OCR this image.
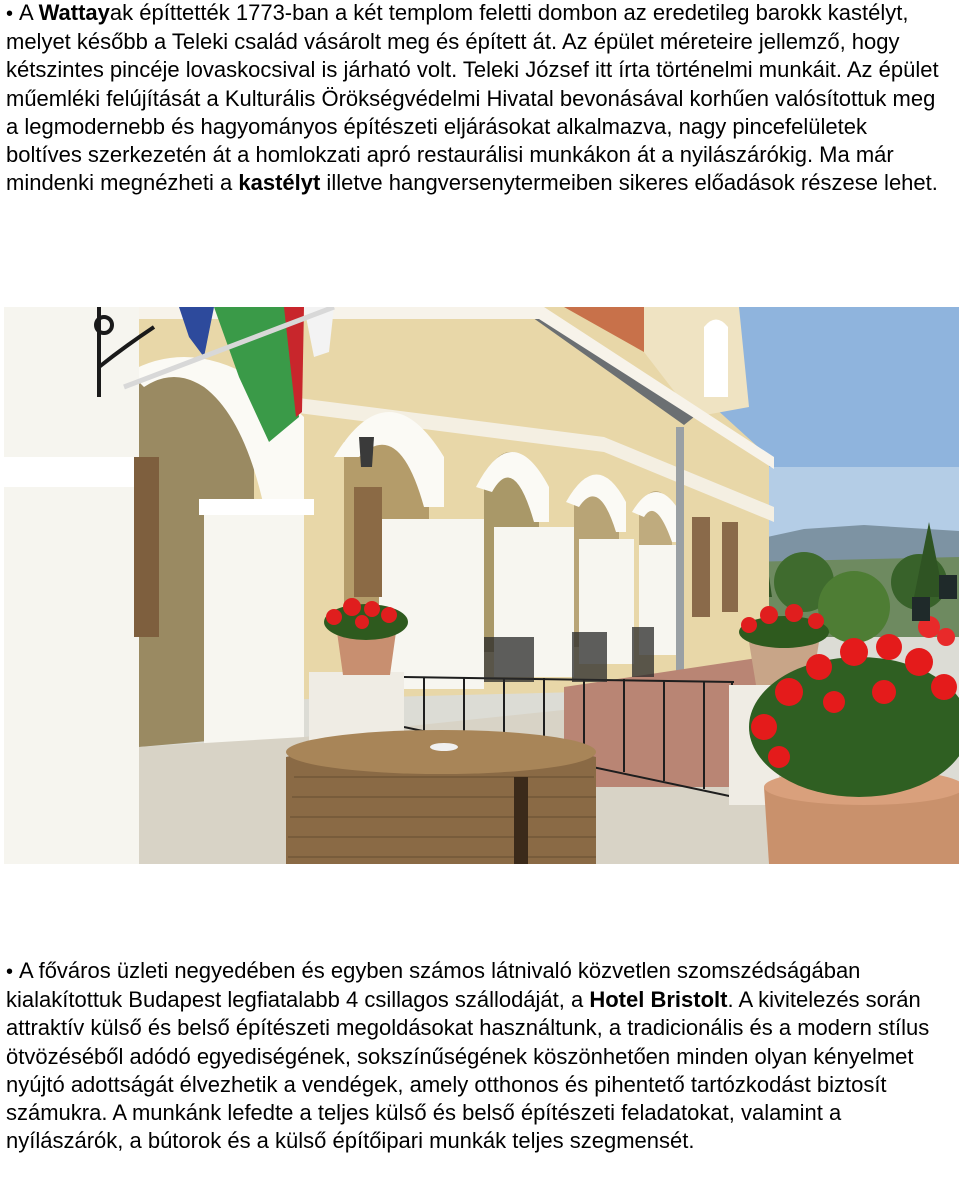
• A Wattayak építtették 1773-ban a két templom feletti dombon az eredetileg barokk kastélyt, melyet később a Teleki család vásárolt meg és épített át. Az épület méreteire jellemző, hogy kétszintes pincéje lovaskocsival is járható volt. Teleki József itt írta történelmi munkáit. Az épület műemléki felújítását a Kulturális Örökségvédelmi Hivatal bevonásával korhűen valósítottuk meg a legmodernebb és hagyományos építészeti eljárásokat alkalmazva, nagy pincefelületek boltíves szerkezetén át a homlokzati apró restaurálisi munkákon át a nyilászárókig. Ma már mindenki megnézheti a kastélyt illetve hangversenytermeiben sikeres előadások részese lehet.

• A főváros üzleti negyedében és egyben számos látnivaló közvetlen szomszédságában kialakítottuk Budapest legfiatalabb 4 csillagos szállodáját, a Hotel Bristolt. A kivitelezés során attraktív külső és belső építészeti megoldásokat használtunk, a tradicionális és a modern stílus ötvözéséből adódó egyediségének, sokszínűségének köszönhetően minden olyan kényelmet nyújtó adottságát élvezhetik a vendégek, amely otthonos és pihentető tartózkodást biztosít számukra. A munkánk lefedte a teljes külső és belső építészeti feladatokat, valamint a nyílászárók, a bútorok és a külső építőipari munkák teljes szegmensét.
